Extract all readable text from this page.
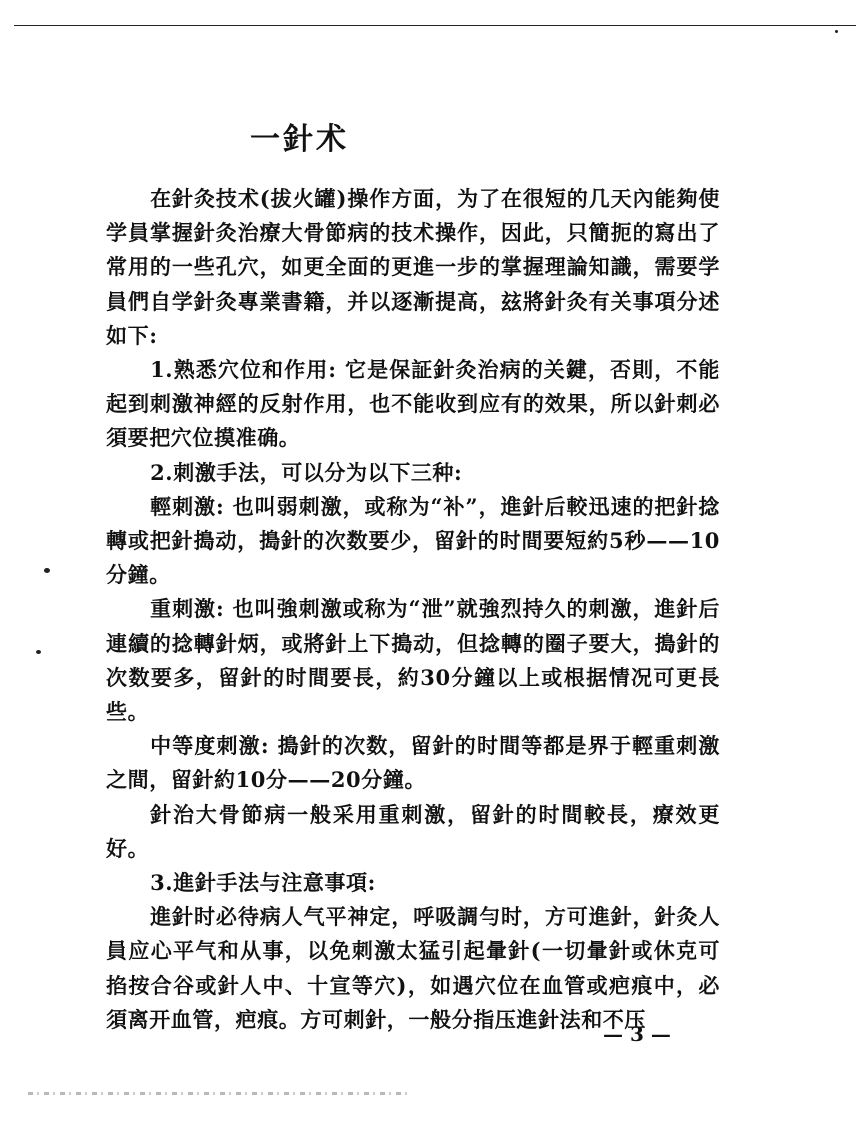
一針术

在針灸技术(拔火罐)操作方面，为了在很短的几天內能夠使学員掌握針灸治療大骨節病的技术操作，因此，只簡扼的寫出了常用的一些孔穴，如更全面的更進一步的掌握理論知識，需要学員們自学針灸專業書籍，并以逐漸提高，玆將針灸有关事項分述如下:

1.熟悉穴位和作用: 它是保証針灸治病的关鍵，否則，不能起到刺激神經的反射作用，也不能收到应有的效果，所以針刺必須要把穴位摸准确。

2.刺激手法，可以分为以下三种:

輕刺激: 也叫弱刺激，或称为“补”，進針后較迅速的把針捻轉或把針搗动，搗針的次数要少，留針的时間要短約5秒——10分鐘。

重刺激: 也叫強刺激或称为“泄”就強烈持久的刺激，進針后連續的捻轉針炳，或將針上下搗动，但捻轉的圈子要大，搗針的次数要多，留針的时間要長，約30分鐘以上或根据情况可更長些。

中等度刺激: 搗針的次数，留針的时間等都是界于輕重刺激之間，留針約10分——20分鐘。

針治大骨節病一般采用重刺激，留針的时間較長，療效更好。

3.進針手法与注意事項:

進針时必待病人气平神定，呼吸調勻时，方可進針，針灸人員应心平气和从事，以免刺激太猛引起暈針(一切暈針或休克可掐按合谷或針人中、十宣等穴)，如遇穴位在血管或疤痕中，必須离开血管，疤痕。方可刺針，一般分指压進針法和不压

— 3 —
